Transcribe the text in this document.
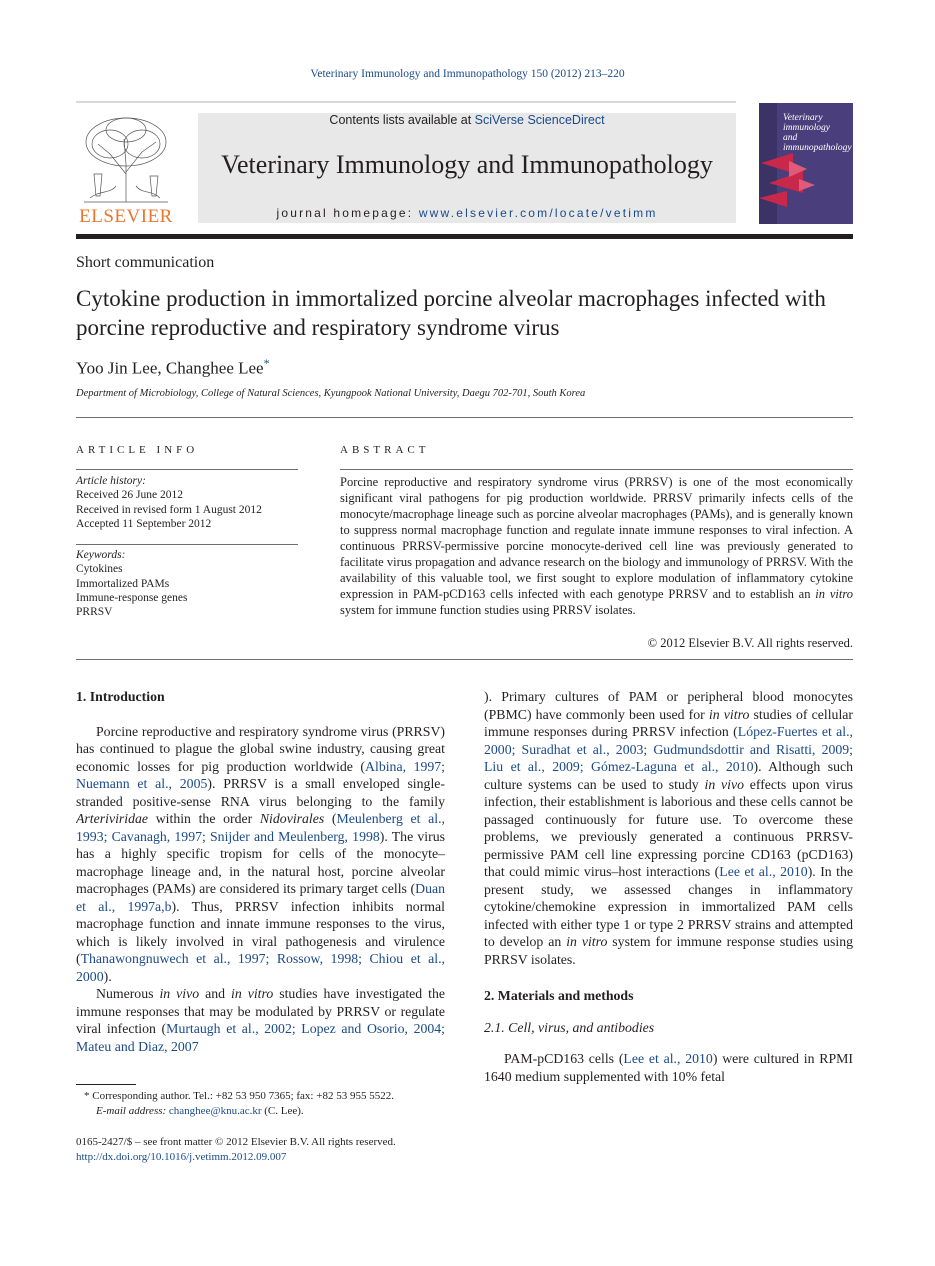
Veterinary Immunology and Immunopathology 150 (2012) 213–220
ELSEVIER
Contents lists available at SciVerse ScienceDirect
Veterinary Immunology and Immunopathology
journal homepage: www.elsevier.com/locate/vetimm
Veterinary
immunology
and
immunopathology
Short communication
Cytokine production in immortalized porcine alveolar macrophages infected with porcine reproductive and respiratory syndrome virus
Yoo Jin Lee, Changhee Lee*
Department of Microbiology, College of Natural Sciences, Kyungpook National University, Daegu 702-701, South Korea
ARTICLE INFO
Article history:
Received 26 June 2012
Received in revised form 1 August 2012
Accepted 11 September 2012
Keywords:
Cytokines
Immortalized PAMs
Immune-response genes
PRRSV
ABSTRACT
Porcine reproductive and respiratory syndrome virus (PRRSV) is one of the most economically significant viral pathogens for pig production worldwide. PRRSV primarily infects cells of the monocyte/macrophage lineage such as porcine alveolar macrophages (PAMs), and is generally known to suppress normal macrophage function and regulate innate immune responses to viral infection. A continuous PRRSV-permissive porcine monocyte-derived cell line was previously generated to facilitate virus propagation and advance research on the biology and immunology of PRRSV. With the availability of this valuable tool, we first sought to explore modulation of inflammatory cytokine expression in PAM-pCD163 cells infected with each genotype PRRSV and to establish an in vitro system for immune function studies using PRRSV isolates.
© 2012 Elsevier B.V. All rights reserved.
1. Introduction

Porcine reproductive and respiratory syndrome virus (PRRSV) has continued to plague the global swine industry, causing great economic losses for pig production worldwide (Albina, 1997; Nuemann et al., 2005). PRRSV is a small enveloped single-stranded positive-sense RNA virus belonging to the family Arteriviridae within the order Nidovirales (Meulenberg et al., 1993; Cavanagh, 1997; Snijder and Meulenberg, 1998). The virus has a highly specific tropism for cells of the monocyte–macrophage lineage and, in the natural host, porcine alveolar macrophages (PAMs) are considered its primary target cells (Duan et al., 1997a,b). Thus, PRRSV infection inhibits normal macrophage function and innate immune responses to the virus, which is likely involved in viral pathogenesis and virulence (Thanawongnuwech et al., 1997; Rossow, 1998; Chiou et al., 2000).

Numerous in vivo and in vitro studies have investigated the immune responses that may be modulated by PRRSV or regulate viral infection (Murtaugh et al., 2002; Lopez and Osorio, 2004; Mateu and Diaz, 2007

). Primary cultures of PAM or peripheral blood monocytes (PBMC) have commonly been used for in vitro studies of cellular immune responses during PRRSV infection (López-Fuertes et al., 2000; Suradhat et al., 2003; Gudmundsdottir and Risatti, 2009; Liu et al., 2009; Gómez-Laguna et al., 2010). Although such culture systems can be used to study in vivo effects upon virus infection, their establishment is laborious and these cells cannot be passaged continuously for future use. To overcome these problems, we previously generated a continuous PRRSV-permissive PAM cell line expressing porcine CD163 (pCD163) that could mimic virus–host interactions (Lee et al., 2010). In the present study, we assessed changes in inflammatory cytokine/chemokine expression in immortalized PAM cells infected with either type 1 or type 2 PRRSV strains and attempted to develop an in vitro system for immune response studies using PRRSV isolates.

2. Materials and methods
2.1. Cell, virus, and antibodies

PAM-pCD163 cells (Lee et al., 2010) were cultured in RPMI 1640 medium supplemented with 10% fetal

* Corresponding author. Tel.: +82 53 950 7365; fax: +82 53 955 5522.
E-mail address: changhee@knu.ac.kr (C. Lee).
0165-2427/$ – see front matter © 2012 Elsevier B.V. All rights reserved.
http://dx.doi.org/10.1016/j.vetimm.2012.09.007
